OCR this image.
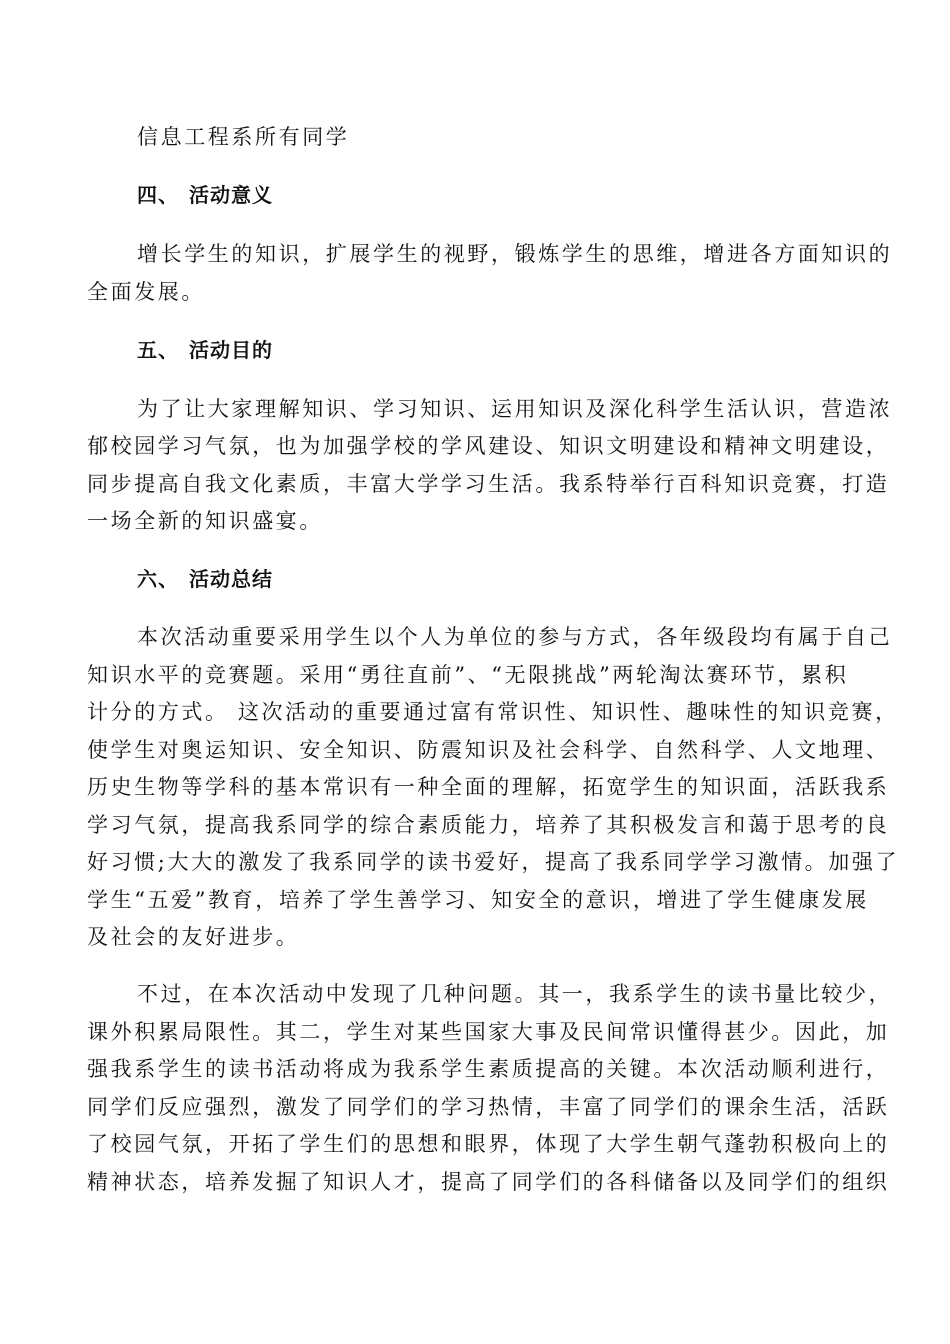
信息工程系所有同学
四、 活动意义
增长学生的知识，扩展学生的视野，锻炼学生的思维，增进各方面知识的
全面发展。
五、 活动目的
为了让大家理解知识、学习知识、运用知识及深化科学生活认识，营造浓
郁校园学习气氛，也为加强学校的学风建设、知识文明建设和精神文明建设，
同步提高自我文化素质，丰富大学学习生活。我系特举行百科知识竞赛，打造
一场全新的知识盛宴。
六、 活动总结
本次活动重要采用学生以个人为单位的参与方式，各年级段均有属于自己
知识水平的竞赛题。采用“勇往直前”、“无限挑战”两轮淘汰赛环节，累积
计分的方式。 这次活动的重要通过富有常识性、知识性、趣味性的知识竞赛，
使学生对奥运知识、安全知识、防震知识及社会科学、自然科学、人文地理、
历史生物等学科的基本常识有一种全面的理解，拓宽学生的知识面，活跃我系
学习气氛，提高我系同学的综合素质能力，培养了其积极发言和蔼于思考的良
好习惯;大大的激发了我系同学的读书爱好，提高了我系同学学习激情。加强了
学生“五爱”教育，培养了学生善学习、知安全的意识，增进了学生健康发展
及社会的友好进步。
不过，在本次活动中发现了几种问题。其一，我系学生的读书量比较少，
课外积累局限性。其二，学生对某些国家大事及民间常识懂得甚少。因此，加
强我系学生的读书活动将成为我系学生素质提高的关键。本次活动顺利进行，
同学们反应强烈，激发了同学们的学习热情，丰富了同学们的课余生活，活跃
了校园气氛，开拓了学生们的思想和眼界，体现了大学生朝气蓬勃积极向上的
精神状态，培养发掘了知识人才，提高了同学们的各科储备以及同学们的组织
